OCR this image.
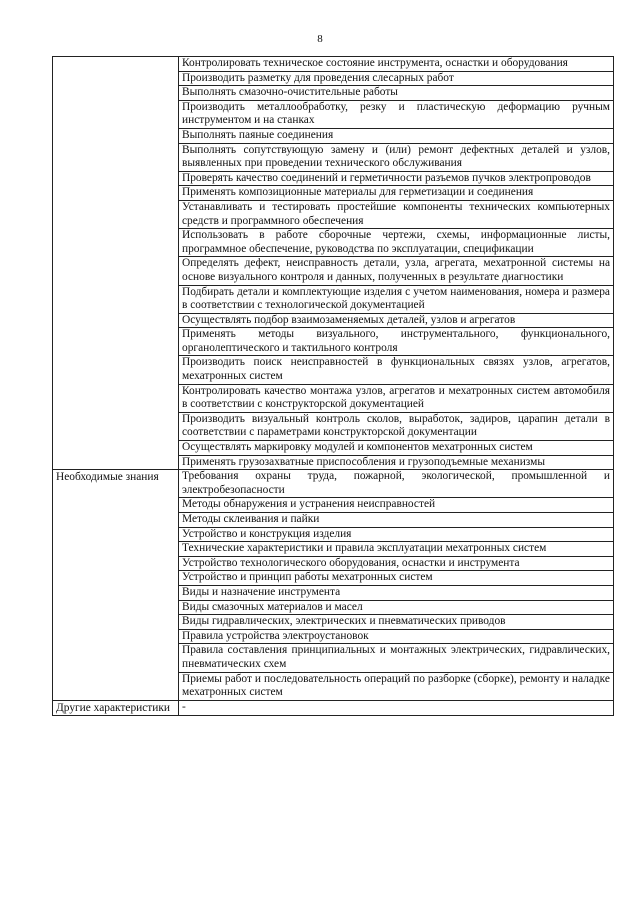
8
	Контролировать техническое состояние инструмента, оснастки и оборудования
	Производить разметку для проведения слесарных работ
	Выполнять смазочно-очистительные работы
	Производить металлообработку, резку и пластическую деформацию ручным инструментом и на станках
	Выполнять паяные соединения
	Выполнять сопутствующую замену и (или) ремонт дефектных деталей и узлов, выявленных при проведении технического обслуживания
	Проверять качество соединений и герметичности разъемов пучков электропроводов
	Применять композиционные материалы для герметизации и соединения
	Устанавливать и тестировать простейшие компоненты технических компьютерных средств и программного обеспечения
	Использовать в работе сборочные чертежи, схемы, информационные листы, программное обеспечение, руководства по эксплуатации, спецификации
	Определять дефект, неисправность детали, узла, агрегата, мехатронной системы на основе визуального контроля и данных, полученных в результате диагностики
	Подбирать детали и комплектующие изделия с учетом наименования, номера и размера в соответствии с технологической документацией
	Осуществлять подбор взаимозаменяемых деталей, узлов и агрегатов
	Применять методы визуального, инструментального, функционального, органолептического и тактильного контроля
	Производить поиск неисправностей в функциональных связях узлов, агрегатов, мехатронных систем
	Контролировать качество монтажа узлов, агрегатов и мехатронных систем автомобиля в соответствии с конструкторской документацией
	Производить визуальный контроль сколов, выработок, задиров, царапин детали в соответствии с параметрами конструкторской документации
	Осуществлять маркировку модулей и компонентов мехатронных систем
	Применять грузозахватные приспособления и грузоподъемные механизмы

Необходимые знания	Требования охраны труда, пожарной, экологической, промышленной и электробезопасности
	Методы обнаружения и устранения неисправностей
	Методы склеивания и пайки
	Устройство и конструкция изделия
	Технические характеристики и правила эксплуатации мехатронных систем
	Устройство технологического оборудования, оснастки и инструмента
	Устройство и принцип работы мехатронных систем
	Виды и назначение инструмента
	Виды смазочных материалов и масел
	Виды гидравлических, электрических и пневматических приводов
	Правила устройства электроустановок
	Правила составления принципиальных и монтажных электрических, гидравлических, пневматических схем
	Приемы работ и последовательность операций по разборке (сборке), ремонту и наладке мехатронных систем

Другие характеристики	-
